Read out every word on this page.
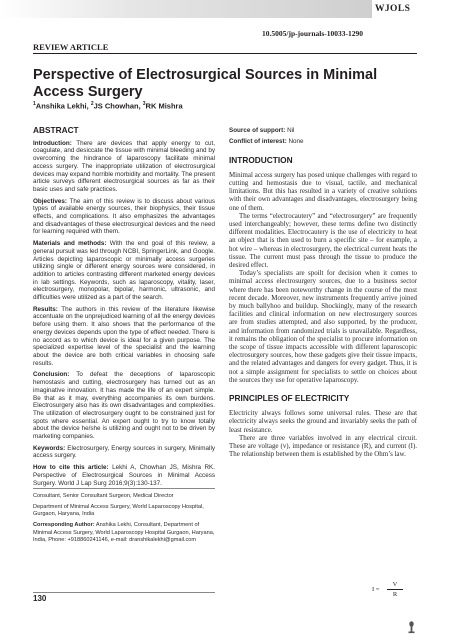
WJOLS
10.5005/jp-journals-10033-1290
REVIEW ARTICLE
Perspective of Electrosurgical Sources in Minimal Access Surgery
$^1$Anshika Lekhi, $^2$JS Chowhan, $^3$RK Mishra
ABSTRACT

Introduction: There are devices that apply energy to cut, coagulate, and desiccate the tissue with minimal bleeding and by overcoming the hindrance of laparoscopy facilitate minimal access surgery. The inappropriate utilization of electrosurgical devices may expand horrible morbidity and mortality. The present article surveys different electrosurgical sources as far as their basic uses and safe practices.

Objectives: The aim of this review is to discuss about various types of available energy sources, their biophysics, their tissue effects, and complications. It also emphasizes the advantages and disadvantages of these electrosurgical devices and the need for learning required with them.

Materials and methods: With the end goal of this review, a general pursuit was led through NCBI, SpringerLink, and Google. Articles depicting laparoscopic or minimally access surgeries utilizing single or different energy sources were considered, in addition to articles contrasting different marketed energy devices in lab settings. Keywords, such as laparoscopy, vitality, laser, electrosurgery, monopolar, bipolar, harmonic, ultrasonic, and difficulties were utilized as a part of the search.

Results: The authors in this review of the literature likewise accentuate on the unprejudiced learning of all the energy devices before using them. It also shows that the performance of the energy devices depends upon the type of effect needed. There is no accord as to which device is ideal for a given purpose. The specialized expertise level of the specialist and the learning about the device are both critical variables in choosing safe results.

Conclusion: To defeat the deceptions of laparoscopic hemostasis and cutting, electrosurgery has turned out as an imaginative innovation. It has made the life of an expert simple. Be that as it may, everything accompanies its own burdens. Electrosurgery also has its own disadvantages and complexities. The utilization of electrosurgery ought to be constrained just for spots where essential. An expert ought to try to know totally about the device he/she is utilizing and ought not to be driven by marketing companies.

Keywords: Electrosurgery, Energy sources in surgery, Minimally access surgery.

How to cite this article: Lekhi A, Chowhan JS, Mishra RK. Perspective of Electrosurgical Sources in Minimal Access Surgery. World J Lap Surg 2016;9(3):130-137.

Consultant, Senior Consultant Surgeon, Medical Director

Department of Minimal Access Surgery, World Laparoscopy Hospital, Gurgaon, Haryana, India

Corresponding Author: Anshika Lekhi, Consultant, Department of Minimal Access Surgery, World Laparoscopy Hospital Gurgaon, Haryana, India, Phone: +918860241146, e-mail: dranshikalekhi@gmail.com

130

Source of support: Nil

Conflict of interest: None

INTRODUCTION

Minimal access surgery has posed unique challenges with regard to cutting and hemostasis due to visual, tactile, and mechanical limitations. But this has resulted in a variety of creative solutions with their own advantages and disadvantages, electrosurgery being one of them.

The terms “electrocautery” and “electrosurgery” are frequently used interchangeably; however, these terms define two distinctly different modalities. Electrocautery is the use of electricity to heat an object that is then used to burn a specific site – for example, a hot wire – whereas in electrosurgery, the electrical current heats the tissue. The current must pass through the tissue to produce the desired effect.

Today’s specialists are spoilt for decision when it comes to minimal access electrosurgery sources, due to a business sector where there has been noteworthy change in the course of the most recent decade. Moreover, new instruments frequently arrive joined by much ballyhoo and buildup. Shockingly, many of the research facilities and clinical information on new electrosurgery sources are from studies attempted, and also supported, by the producer, and information from randomized trials is unavailable. Regardless, it remains the obligation of the specialist to procure information on the scope of tissue impacts accessible with different laparoscopic electrosurgery sources, how these gadgets give their tissue impacts, and the related advantages and dangers for every gadget. Thus, it is not a simple assignment for specialists to settle on choices about the sources they use for operative laparoscopy.

PRINCIPLES OF ELECTRICITY

Electricity always follows some universal rules. These are that electricity always seeks the ground and invariably seeks the path of least resistance.

There are three variables involved in any electrical circuit. These are voltage (v), impedance or resistance (R), and current (I). The relationship between them is established by the Ohm’s law.

I =
V
R
